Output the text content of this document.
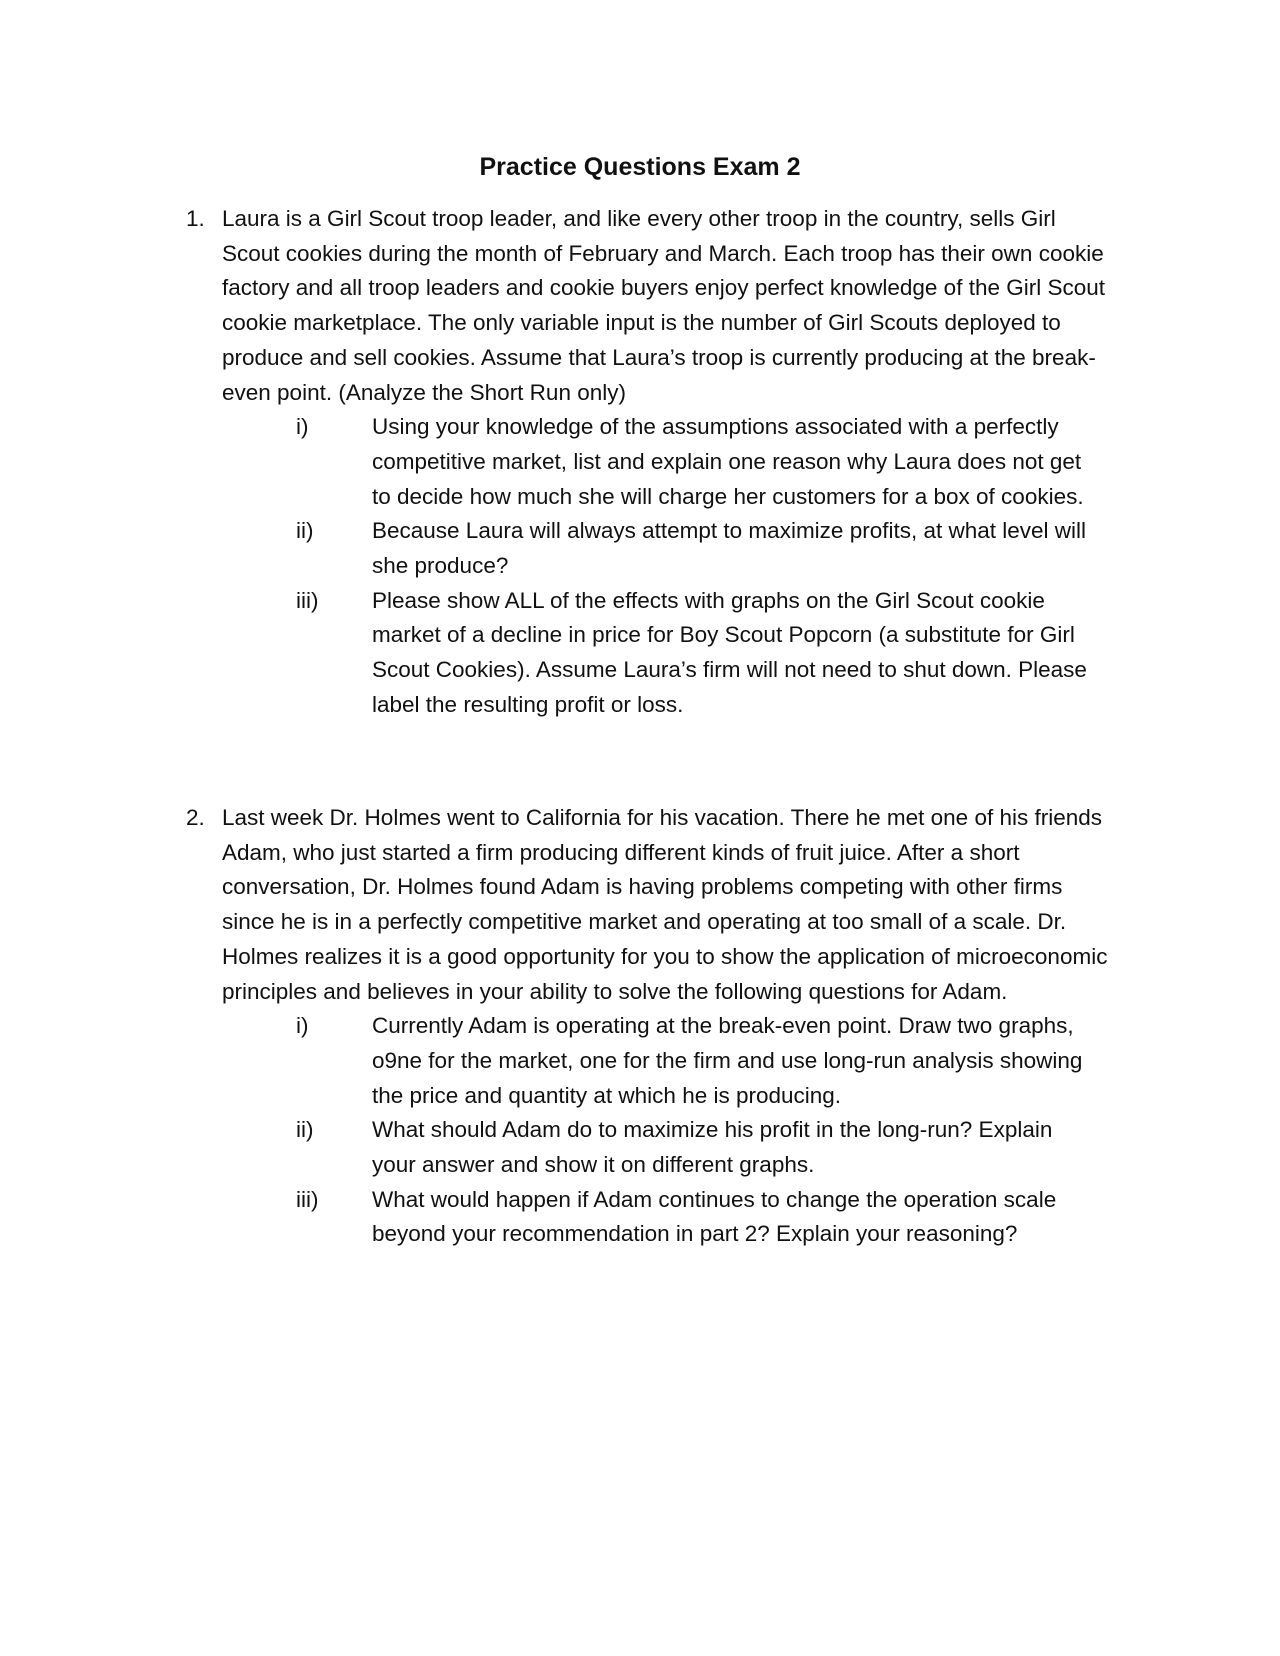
Practice Questions Exam 2
1. Laura is a Girl Scout troop leader, and like every other troop in the country, sells Girl Scout cookies during the month of February and March. Each troop has their own cookie factory and all troop leaders and cookie buyers enjoy perfect knowledge of the Girl Scout cookie marketplace. The only variable input is the number of Girl Scouts deployed to produce and sell cookies. Assume that Laura’s troop is currently producing at the break-even point. (Analyze the Short Run only)
i)	Using your knowledge of the assumptions associated with a perfectly competitive market, list and explain one reason why Laura does not get to decide how much she will charge her customers for a box of cookies.
ii)	Because Laura will always attempt to maximize profits, at what level will she produce?
iii)	Please show ALL of the effects with graphs on the Girl Scout cookie market of a decline in price for Boy Scout Popcorn (a substitute for Girl Scout Cookies). Assume Laura’s firm will not need to shut down. Please label the resulting profit or loss.
2. Last week Dr. Holmes went to California for his vacation. There he met one of his friends Adam, who just started a firm producing different kinds of fruit juice. After a short conversation, Dr. Holmes found Adam is having problems competing with other firms since he is in a perfectly competitive market and operating at too small of a scale. Dr. Holmes realizes it is a good opportunity for you to show the application of microeconomic principles and believes in your ability to solve the following questions for Adam.
i)	Currently Adam is operating at the break-even point. Draw two graphs, o9ne for the market, one for the firm and use long-run analysis showing the price and quantity at which he is producing.
ii)	What should Adam do to maximize his profit in the long-run? Explain your answer and show it on different graphs.
iii)	What would happen if Adam continues to change the operation scale beyond your recommendation in part 2? Explain your reasoning?
